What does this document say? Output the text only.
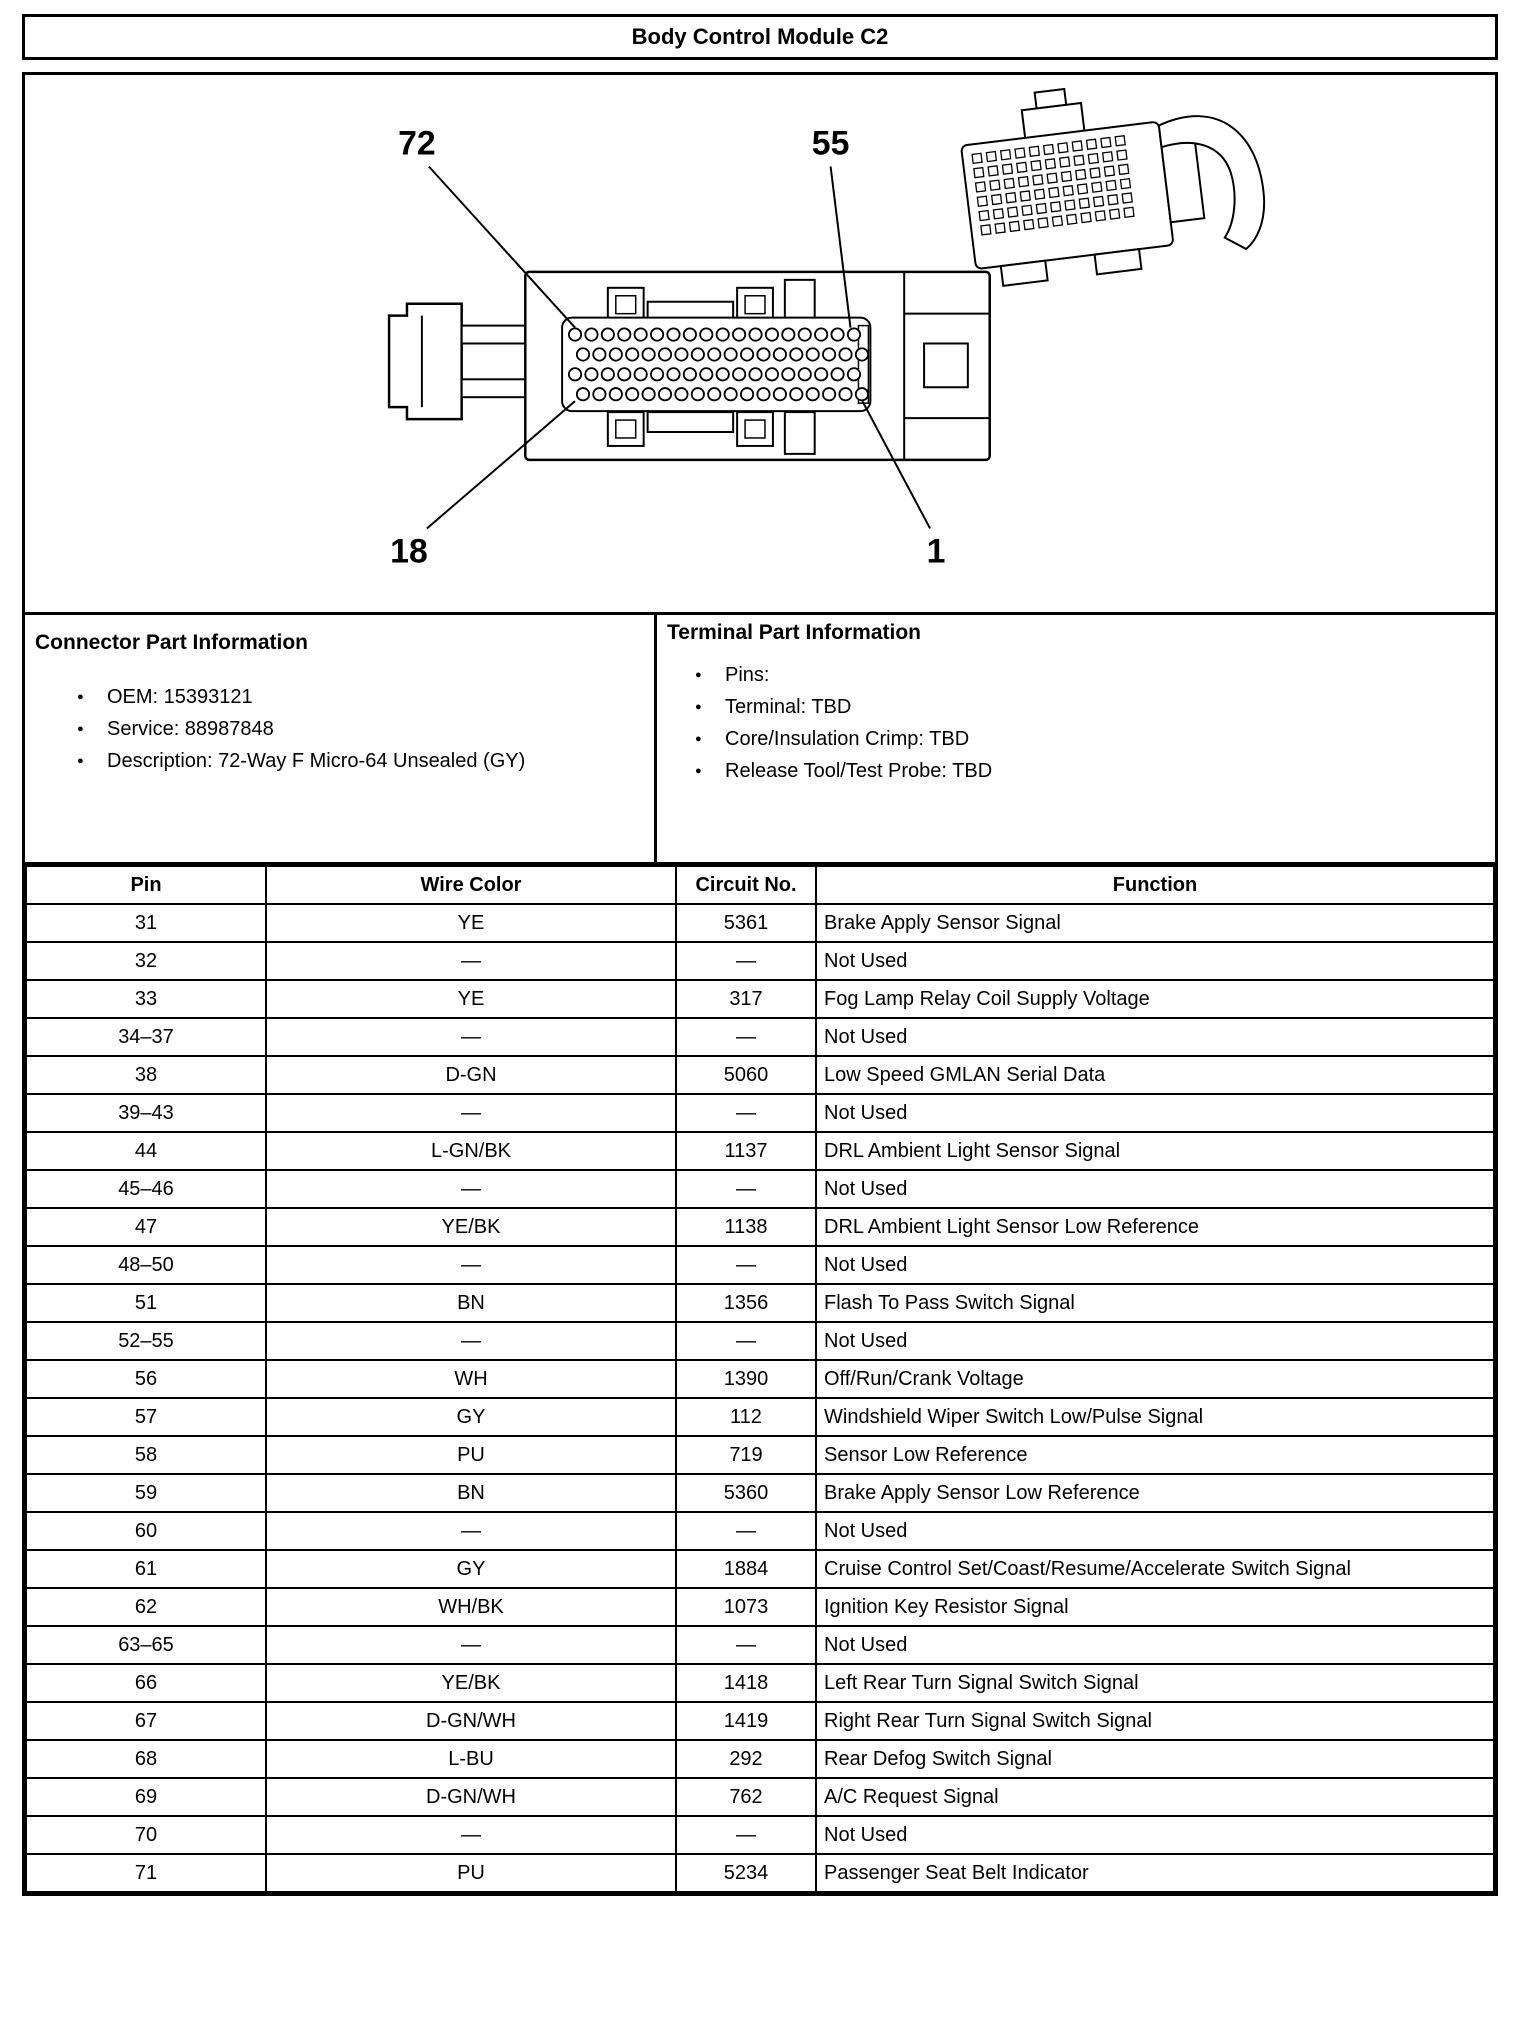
Body Control Module C2
72	55
18	1
Connector Part Information
● OEM: 15393121
● Service: 88987848
● Description: 72-Way F Micro-64 Unsealed (GY)
Terminal Part Information
● Pins:
● Terminal: TBD
● Core/Insulation Crimp: TBD
● Release Tool/Test Probe: TBD
Pin	Wire Color	Circuit No.	Function
31	YE	5361	Brake Apply Sensor Signal
32	—	—	Not Used
33	YE	317	Fog Lamp Relay Coil Supply Voltage
34–37	—	—	Not Used
38	D-GN	5060	Low Speed GMLAN Serial Data
39–43	—	—	Not Used
44	L-GN/BK	1137	DRL Ambient Light Sensor Signal
45–46	—	—	Not Used
47	YE/BK	1138	DRL Ambient Light Sensor Low Reference
48–50	—	—	Not Used
51	BN	1356	Flash To Pass Switch Signal
52–55	—	—	Not Used
56	WH	1390	Off/Run/Crank Voltage
57	GY	112	Windshield Wiper Switch Low/Pulse Signal
58	PU	719	Sensor Low Reference
59	BN	5360	Brake Apply Sensor Low Reference
60	—	—	Not Used
61	GY	1884	Cruise Control Set/Coast/Resume/Accelerate Switch Signal
62	WH/BK	1073	Ignition Key Resistor Signal
63–65	—	—	Not Used
66	YE/BK	1418	Left Rear Turn Signal Switch Signal
67	D-GN/WH	1419	Right Rear Turn Signal Switch Signal
68	L-BU	292	Rear Defog Switch Signal
69	D-GN/WH	762	A/C Request Signal
70	—	—	Not Used
71	PU	5234	Passenger Seat Belt Indicator
